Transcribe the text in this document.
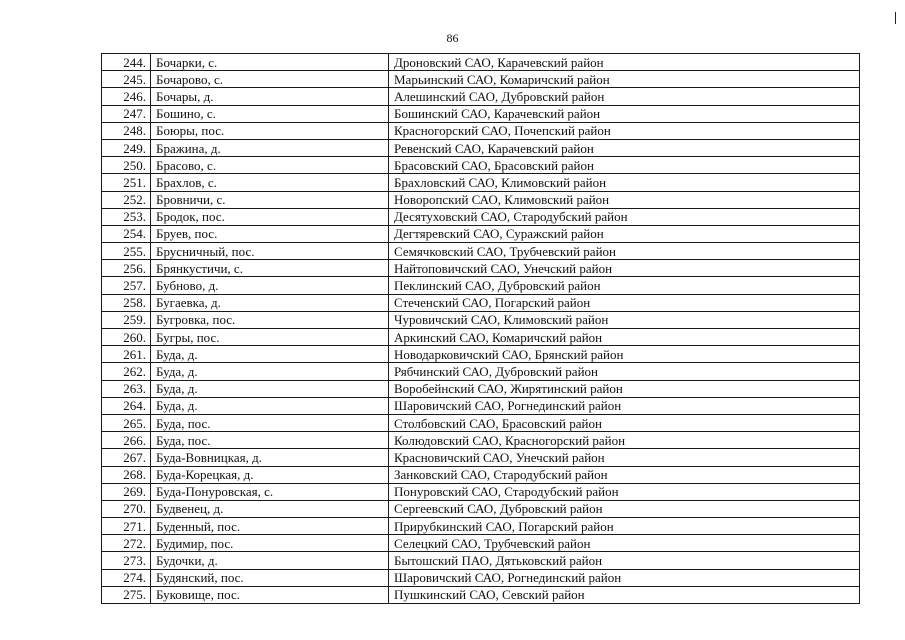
86
244.	Бочарки, с.	Дроновский САО, Карачевский район
245.	Бочарово, с.	Марьинский САО, Комаричский район
246.	Бочары, д.	Алешинский САО, Дубровский район
247.	Бошино, с.	Бошинский САО, Карачевский район
248.	Боюры, пос.	Красногорский САО, Почепский район
249.	Бражина, д.	Ревенский САО, Карачевский район
250.	Брасово, с.	Брасовский САО, Брасовский район
251.	Брахлов, с.	Брахловский САО, Климовский район
252.	Бровничи, с.	Новоропский САО, Климовский район
253.	Бродок, пос.	Десятуховский САО, Стародубский район
254.	Бруев, пос.	Дегтяревский САО, Суражский район
255.	Брусничный, пос.	Семячковский САО, Трубчевский район
256.	Брянкустичи, с.	Найтоповичский САО, Унечский район
257.	Бубново, д.	Пеклинский САО, Дубровский район
258.	Бугаевка, д.	Стеченский САО, Погарский район
259.	Бугровка, пос.	Чуровичский САО, Климовский район
260.	Бугры, пос.	Аркинский САО, Комаричский район
261.	Буда, д.	Новодарковичский САО, Брянский район
262.	Буда, д.	Рябчинский САО, Дубровский район
263.	Буда, д.	Воробейнский САО, Жирятинский район
264.	Буда, д.	Шаровичский САО, Рогнединский район
265.	Буда, пос.	Столбовский САО, Брасовский район
266.	Буда, пос.	Колюдовский САО, Красногорский район
267.	Буда-Вовницкая, д.	Красновичский САО, Унечский район
268.	Буда-Корецкая, д.	Занковский САО, Стародубский район
269.	Буда-Понуровская, с.	Понуровский САО, Стародубский район
270.	Будвенец, д.	Сергеевский САО, Дубровский район
271.	Буденный, пос.	Прирубкинский САО, Погарский район
272.	Будимир, пос.	Селецкий САО, Трубчевский район
273.	Будочки, д.	Бытошский ПАО, Дятьковский район
274.	Будянский, пос.	Шаровичский САО, Рогнединский район
275.	Буковище, пос.	Пушкинский САО, Севский район
